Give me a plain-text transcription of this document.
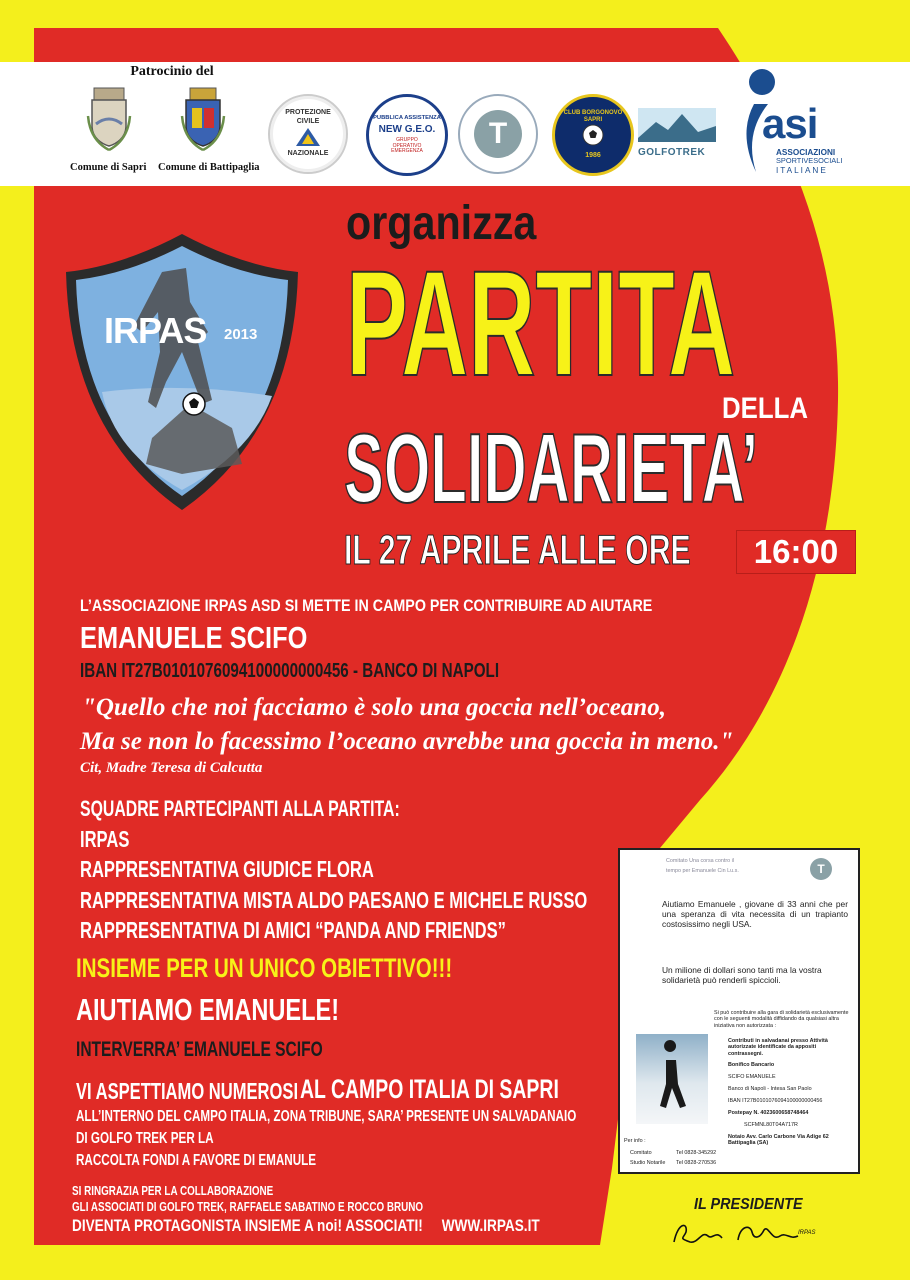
Patrocinio del
Comune di Sapri Comune di Battipaglia
PROTEZIONE
CIVILE
NAZIONALE
PUBBLICA ASSISTENZA
NEW G.E.O.
GRUPPO
OPERATIVO
EMERGENZA
T
CLUB BORGONOVO SAPRI
1986	GOLFOTREK
asi
ASSOCIAZIONI
SPORTIVESOCIALI
ITALIANE
IRPAS 2013
organizza
PARTITA
DELLA
SOLIDARIETA’
IL 27 APRILE ALLE ORE	16:00
L’ASSOCIAZIONE IRPAS ASD SI METTE IN CAMPO PER CONTRIBUIRE AD AIUTARE
EMANUELE SCIFO
IBAN IT27B0101076094100000000456 - BANCO DI NAPOLI
"Quello che noi facciamo è solo una goccia nell’oceano,
Ma se non lo facessimo l’oceano avrebbe una goccia in meno."
Cit, Madre Teresa di Calcutta
SQUADRE PARTECIPANTI ALLA PARTITA:
IRPAS
RAPPRESENTATIVA GIUDICE FLORA
RAPPRESENTATIVA MISTA ALDO PAESANO E MICHELE RUSSO
RAPPRESENTATIVA DI AMICI “PANDA AND FRIENDS”
INSIEME PER UN UNICO OBIETTIVO!!!
AIUTIAMO EMANUELE!
INTERVERRA’ EMANUELE SCIFO
VI ASPETTIAMO NUMEROSI AL CAMPO ITALIA DI SAPRI
ALL’INTERNO DEL CAMPO ITALIA, ZONA TRIBUNE, SARA’ PRESENTE UN SALVADANAIO
DI GOLFO TREK PER LA
RACCOLTA FONDI A FAVORE DI EMANULE
SI RINGRAZIA PER LA COLLABORAZIONE
GLI ASSOCIATI DI GOLFO TREK, RAFFAELE SABATINO E ROCCO BRUNO
DIVENTA PROTAGONISTA INSIEME A noi! ASSOCIATI!     WWW.IRPAS.IT
Comitato Una corsa contro il
tempo per Emanuele Cin Lu.s.	T
Aiutiamo Emanuele , giovane di 33 anni che per una speranza di vita necessita di un trapianto costosissimo negli USA.
Un milione di dollari sono tanti ma la vostra solidarietà può renderli spiccioli.
Si può contribuire alla gara di solidarietà esclusivamente con le seguenti modalità diffidando da qualsiasi altra iniziativa non autorizzata :
Contributi in salvadanai presso Attività autorizzate identificate da appositi contrassegni.
Bonifico Bancario
SCIFO EMANUELE
Banco di Napoli - Intesa San Paolo
IBAN IT27B0101076094100000000456
Postepay N. 4023600658748464
SCFMNL80T04A717R
Notaio Avv. Carlo Carbone Via Adige 62 Battipaglia (SA)
Per info :
Comitato	Tel 0828-345292
Studio Notarile Tel 0828-270536
IL PRESIDENTE
IRPAS
